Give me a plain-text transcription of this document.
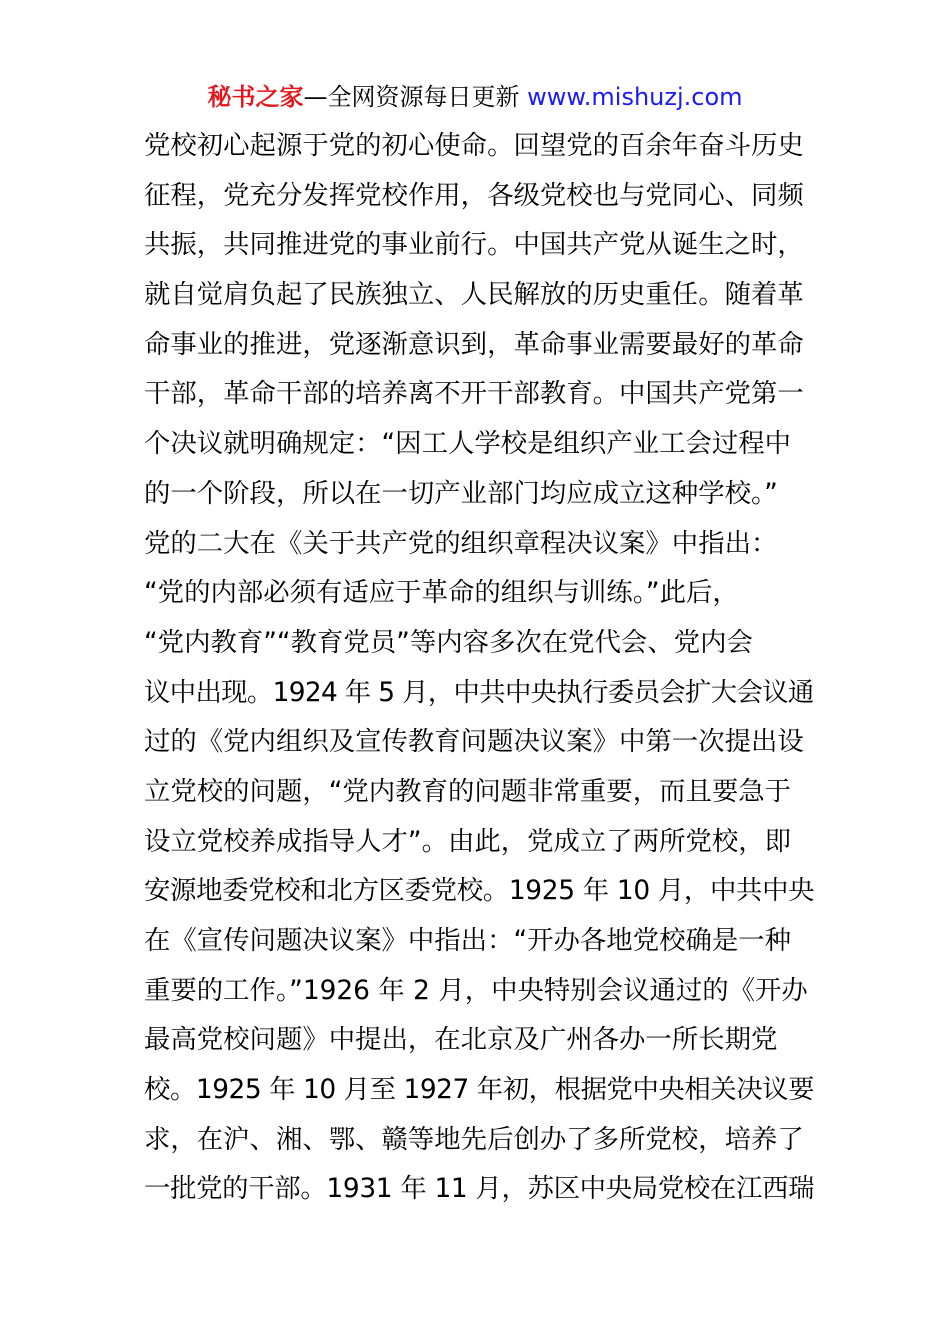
秘书之家—全网资源每日更新 www.mishuzj.com
党校初心起源于党的初心使命。回望党的百余年奋斗历史
征程，党充分发挥党校作用，各级党校也与党同心、同频
共振，共同推进党的事业前行。中国共产党从诞生之时，
就自觉肩负起了民族独立、人民解放的历史重任。随着革
命事业的推进，党逐渐意识到，革命事业需要最好的革命
干部，革命干部的培养离不开干部教育。中国共产党第一
个决议就明确规定：“因工人学校是组织产业工会过程中
的一个阶段，所以在一切产业部门均应成立这种学校。”
党的二大在《关于共产党的组织章程决议案》中指出：
“党的内部必须有适应于革命的组织与训练。”此后，
“党内教育”“教育党员”等内容多次在党代会、党内会
议中出现。1924 年 5 月，中共中央执行委员会扩大会议通
过的《党内组织及宣传教育问题决议案》中第一次提出设
立党校的问题，“党内教育的问题非常重要，而且要急于
设立党校养成指导人才”。由此，党成立了两所党校，即
安源地委党校和北方区委党校。1925 年 10 月，中共中央
在《宣传问题决议案》中指出：“开办各地党校确是一种
重要的工作。”1926 年 2 月，中央特别会议通过的《开办
最高党校问题》中提出，在北京及广州各办一所长期党
校。1925 年 10 月至 1927 年初，根据党中央相关决议要
求，在沪、湘、鄂、赣等地先后创办了多所党校，培养了
一批党的干部。1931 年 11 月，苏区中央局党校在江西瑞
